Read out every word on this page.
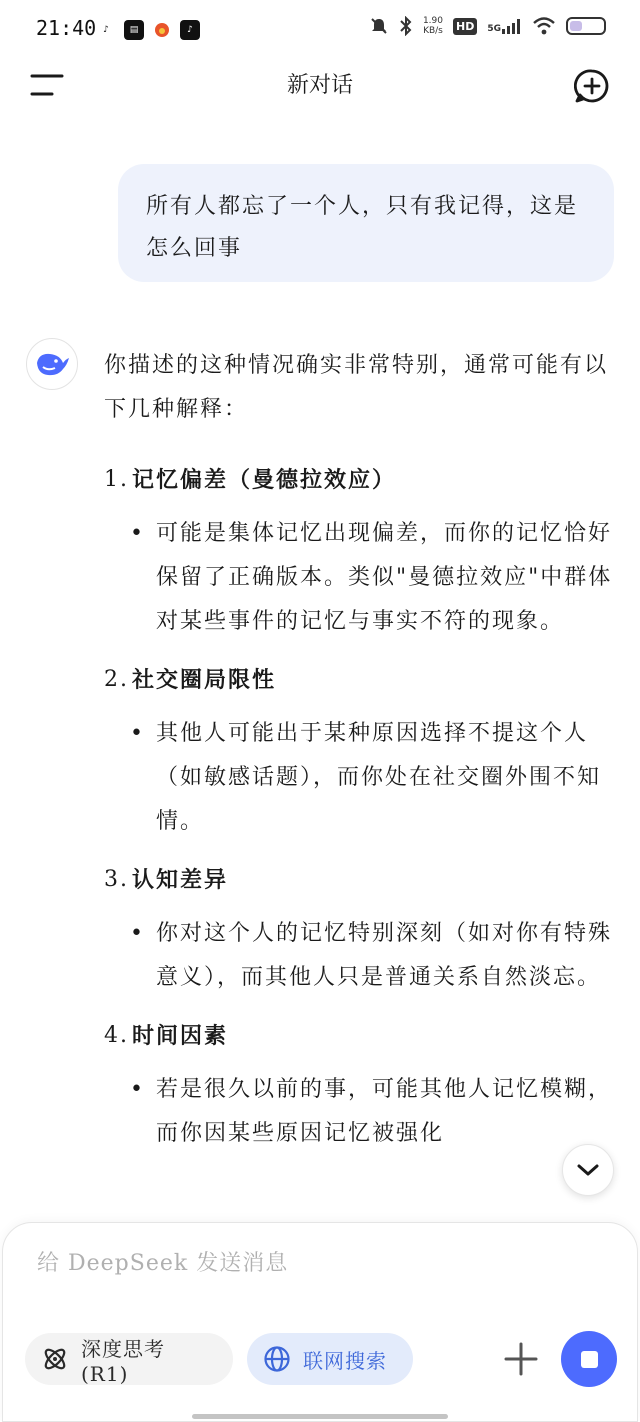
21:40 ♪	▤	♪
1.90
KB/s HD	5G
新对话
所有人都忘了一个人，只有我记得，这是怎么回事
你描述的这种情况确实非常特别，通常可能有以下几种解释：
1. 记忆偏差（曼德拉效应）
• 可能是集体记忆出现偏差，而你的记忆恰好保留了正确版本。类似"曼德拉效应"中群体对某些事件的记忆与事实不符的现象。
2. 社交圈局限性
• 其他人可能出于某种原因选择不提这个人（如敏感话题），而你处在社交圈外围不知情。
3. 认知差异
• 你对这个人的记忆特别深刻（如对你有特殊意义），而其他人只是普通关系自然淡忘。
4. 时间因素
• 若是很久以前的事，可能其他人记忆模糊，而你因某些原因记忆被强化
给 DeepSeek 发送消息
深度思考 (R1)
联网搜索
